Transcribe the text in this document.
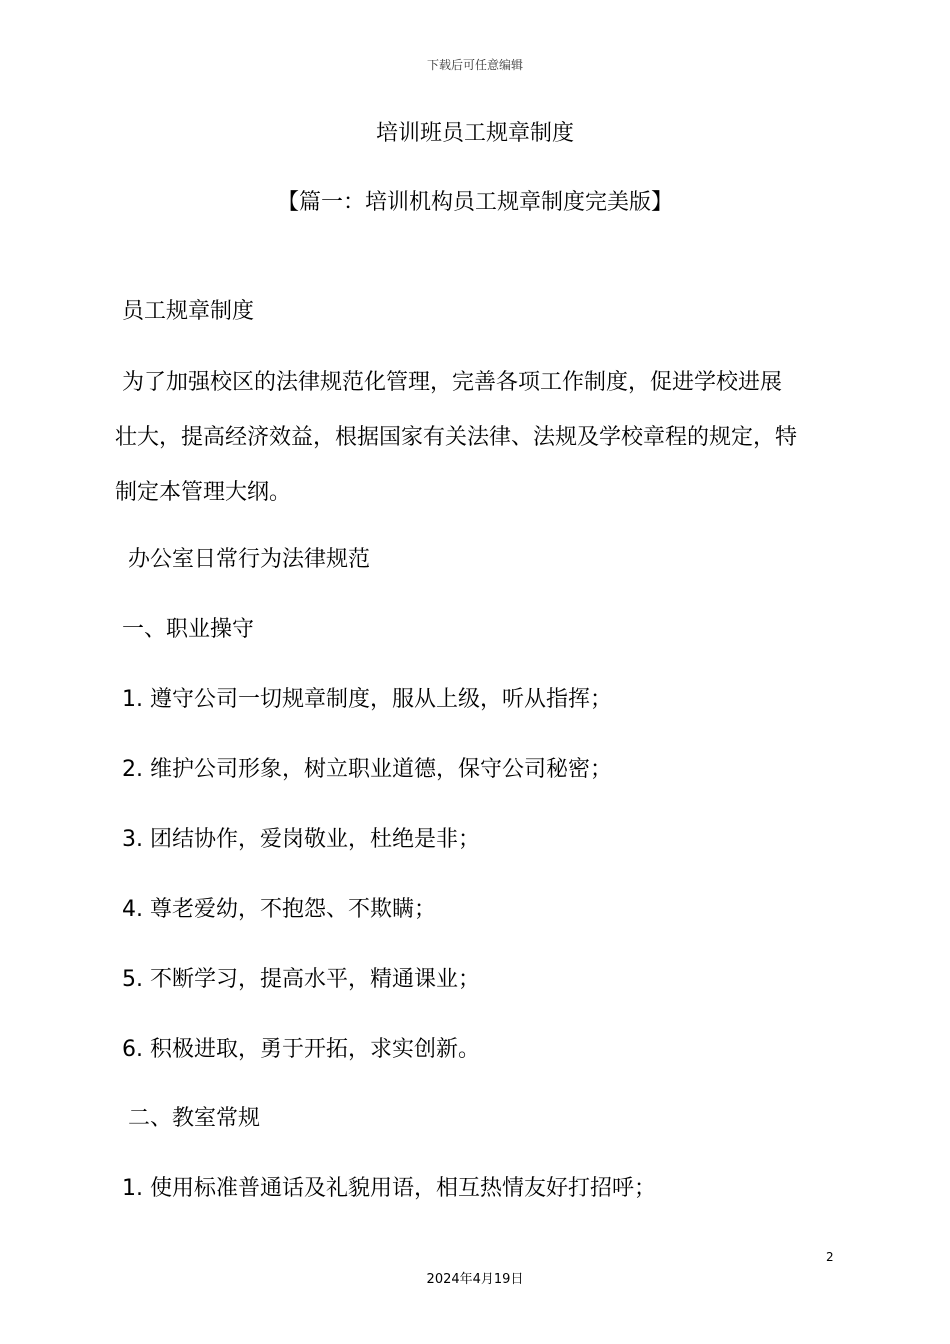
下载后可任意编辑
培训班员工规章制度
【篇一：培训机构员工规章制度完美版】
员工规章制度
为了加强校区的法律规范化管理，完善各项工作制度，促进学校进展
壮大，提高经济效益，根据国家有关法律、法规及学校章程的规定，特
制定本管理大纲。
办公室日常行为法律规范
一、职业操守
1. 遵守公司一切规章制度，服从上级，听从指挥；
2. 维护公司形象，树立职业道德，保守公司秘密；
3. 团结协作，爱岗敬业，杜绝是非；
4. 尊老爱幼，不抱怨、不欺瞒；
5. 不断学习，提高水平，精通课业；
6. 积极进取，勇于开拓，求实创新。
二、教室常规
1. 使用标准普通话及礼貌用语，相互热情友好打招呼；
2
2024年4月19日
